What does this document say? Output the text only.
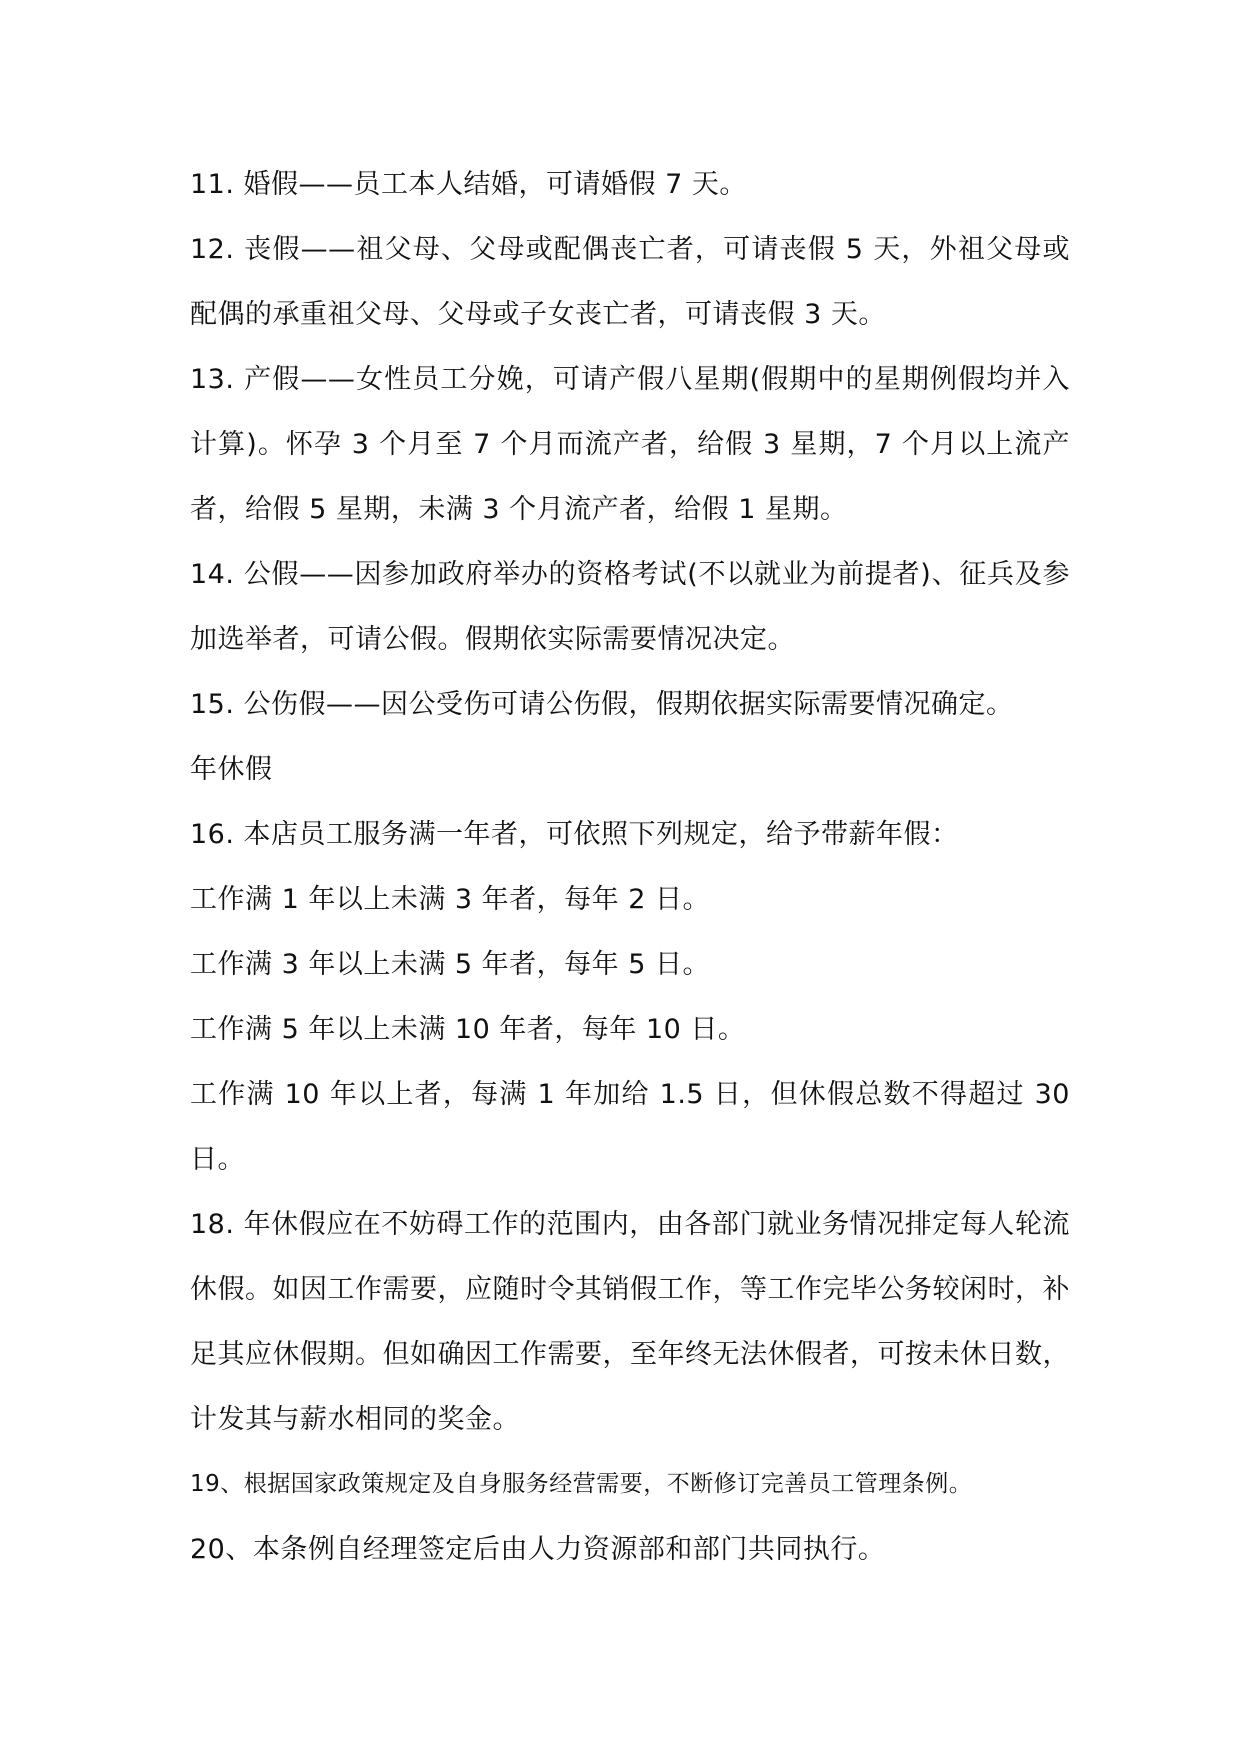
11. 婚假——员工本人结婚，可请婚假 7 天。

12. 丧假——祖父母、父母或配偶丧亡者，可请丧假 5 天，外祖父母或配偶的承重祖父母、父母或子女丧亡者，可请丧假 3 天。

13. 产假——女性员工分娩，可请产假八星期(假期中的星期例假均并入计算)。怀孕 3 个月至 7 个月而流产者，给假 3 星期，7 个月以上流产者，给假 5 星期，未满 3 个月流产者，给假 1 星期。

14. 公假——因参加政府举办的资格考试(不以就业为前提者)、征兵及参加选举者，可请公假。假期依实际需要情况决定。

15. 公伤假——因公受伤可请公伤假，假期依据实际需要情况确定。

年休假

16. 本店员工服务满一年者，可依照下列规定，给予带薪年假：

工作满 1 年以上未满 3 年者，每年 2 日。

工作满 3 年以上未满 5 年者，每年 5 日。

工作满 5 年以上未满 10 年者，每年 10 日。

工作满 10 年以上者，每满 1 年加给 1.5 日，但休假总数不得超过 30 日。

18. 年休假应在不妨碍工作的范围内，由各部门就业务情况排定每人轮流休假。如因工作需要，应随时令其销假工作，等工作完毕公务较闲时，补足其应休假期。但如确因工作需要，至年终无法休假者，可按未休日数，计发其与薪水相同的奖金。

19、根据国家政策规定及自身服务经营需要，不断修订完善员工管理条例。

20、本条例自经理签定后由人力资源部和部门共同执行。
